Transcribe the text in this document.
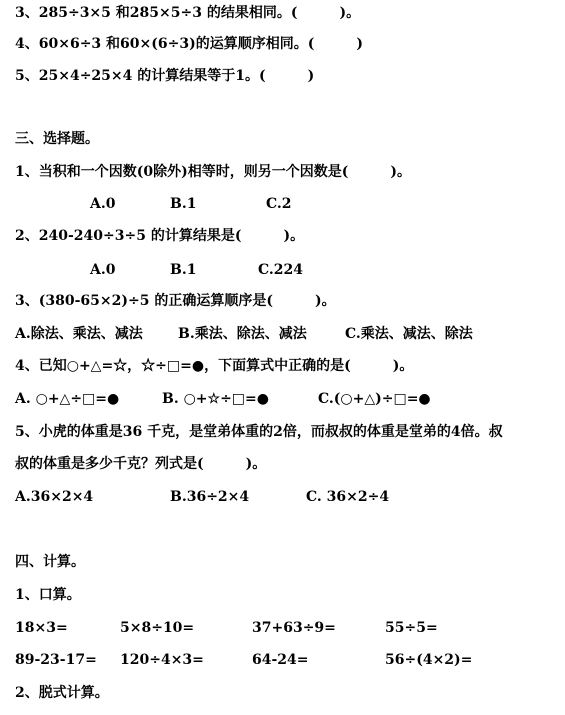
3、285÷3×5 和285×5÷3 的结果相同。(　　　)。
4、60×6÷3 和60×(6÷3)的运算顺序相同。(　　　)
5、25×4÷25×4 的计算结果等于1。(　　　)
三、选择题。
1、当积和一个因数(0除外)相等时，则另一个因数是(　　　)。
A.0	B.1	C.2
2、240-240÷3÷5 的计算结果是(　　　)。
A.0	B.1	C.224
3、(380-65×2)÷5 的正确运算顺序是(　　　)。
A.除法、乘法、减法	B.乘法、除法、减法	C.乘法、减法、除法
4、已知○+△=☆，☆÷□=●，下面算式中正确的是(　　　)。
A. ○+△÷□=●	B. ○+☆÷□=●	C.(○+△)÷□=●
5、小虎的体重是36 千克，是堂弟体重的2倍，而叔叔的体重是堂弟的4倍。叔
叔的体重是多少千克？列式是(　　　)。
A.36×2×4	B.36÷2×4	C. 36×2÷4
四、计算。
1、口算。
18×3=	5×8÷10=	37+63÷9=	55÷5=
89-23-17= 120÷4×3=	64-24=	56÷(4×2)=
2、脱式计算。
